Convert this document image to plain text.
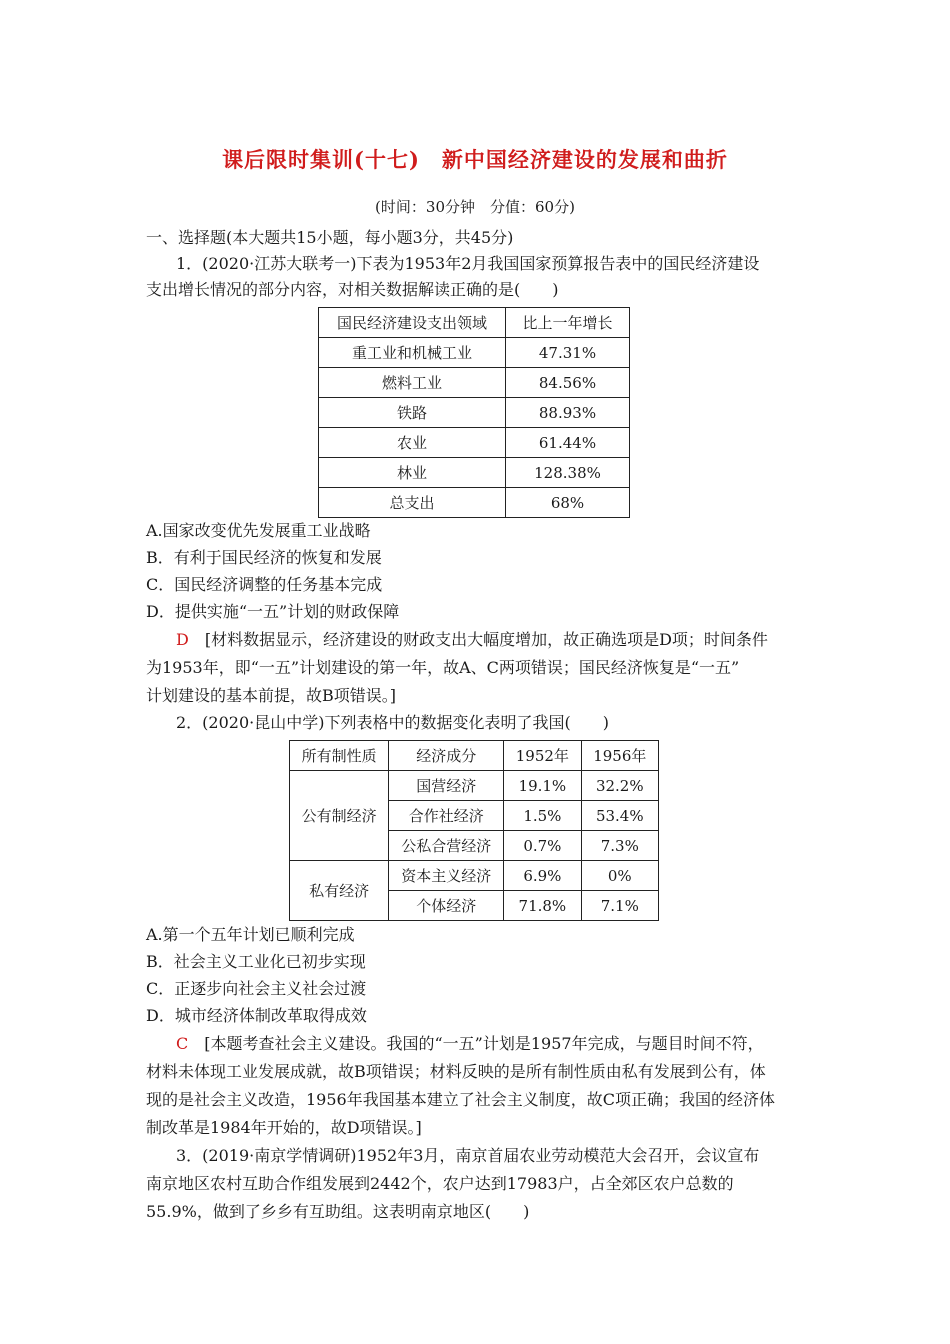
课后限时集训(十七)　新中国经济建设的发展和曲折
(时间：30分钟　分值：60分)
一、选择题(本大题共15小题，每小题3分，共45分)
1．(2020·江苏大联考一)下表为1953年2月我国国家预算报告表中的国民经济建设
支出增长情况的部分内容，对相关数据解读正确的是(　　)
国民经济建设支出领域	比上一年增长
重工业和机械工业	47.31%
燃料工业	84.56%
铁路	88.93%
农业	61.44%
林业	128.38%
总支出	68%
A.国家改变优先发展重工业战略
B．有利于国民经济的恢复和发展
C．国民经济调整的任务基本完成
D．提供实施“一五”计划的财政保障
D　[材料数据显示，经济建设的财政支出大幅度增加，故正确选项是D项；时间条件
为1953年，即“一五”计划建设的第一年，故A、C两项错误；国民经济恢复是“一五”
计划建设的基本前提，故B项错误。]
2．(2020·昆山中学)下列表格中的数据变化表明了我国(　　)
所有制性质	经济成分	1952年	1956年
公有制经济	国营经济	19.1%	32.2%
	合作社经济	1.5%	53.4%
	公私合营经济	0.7%	7.3%
私有经济	资本主义经济	6.9%	0%
	个体经济	71.8%	7.1%
A.第一个五年计划已顺利完成
B．社会主义工业化已初步实现
C．正逐步向社会主义社会过渡
D．城市经济体制改革取得成效
C　[本题考查社会主义建设。我国的“一五”计划是1957年完成，与题目时间不符，
材料未体现工业发展成就，故B项错误；材料反映的是所有制性质由私有发展到公有，体
现的是社会主义改造，1956年我国基本建立了社会主义制度，故C项正确；我国的经济体
制改革是1984年开始的，故D项错误。]
3．(2019·南京学情调研)1952年3月，南京首届农业劳动模范大会召开，会议宣布
南京地区农村互助合作组发展到2442个，农户达到17983户，占全郊区农户总数的
55.9%，做到了乡乡有互助组。这表明南京地区(　　)
